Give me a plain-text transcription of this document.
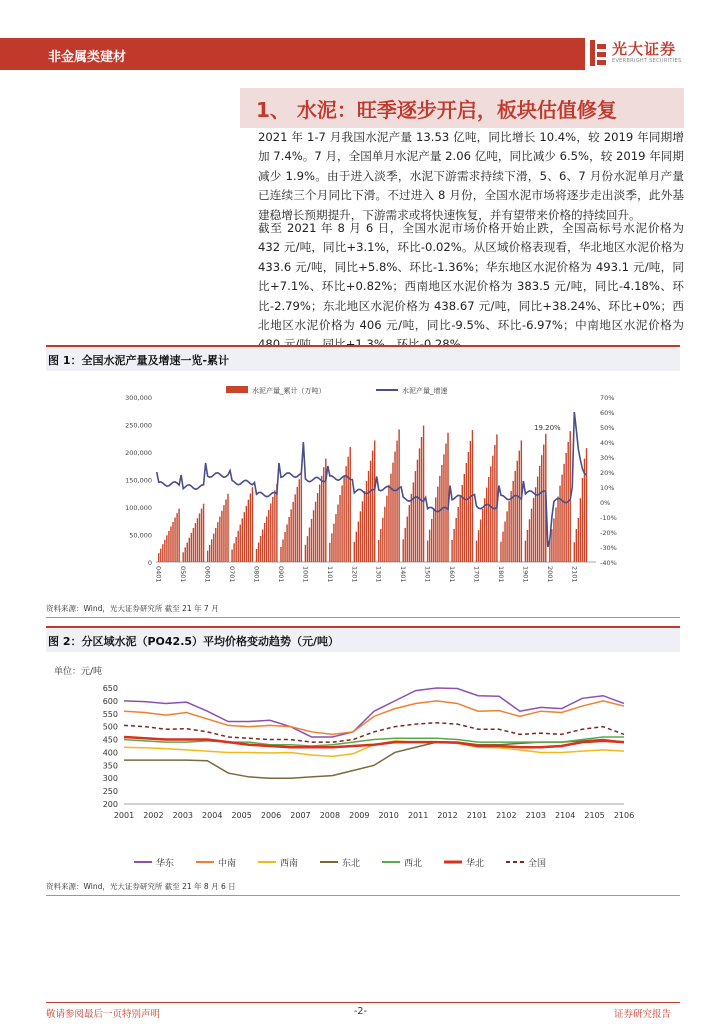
非金属类建材	光大证券
EVERBRIGHT SECURITIES
1、 水泥：旺季逐步开启，板块估值修复
2021 年 1-7 月我国水泥产量 13.53 亿吨，同比增长 10.4%，较 2019 年同期增加 7.4%。7 月，全国单月水泥产量 2.06 亿吨，同比减少 6.5%，较 2019 年同期减少 1.9%。由于进入淡季，水泥下游需求持续下滑，5、6、7 月份水泥单月产量已连续三个月同比下滑。不过进入 8 月份，全国水泥市场将逐步走出淡季，此外基建稳增长预期提升，下游需求或将快速恢复，并有望带来价格的持续回升。
截至 2021 年 8 月 6 日，全国水泥市场价格开始止跌，全国高标号水泥价格为 432 元/吨，同比+3.1%，环比-0.02%。从区域价格表现看，华北地区水泥价格为 433.6 元/吨，同比+5.8%、环比-1.36%；华东地区水泥价格为 493.1 元/吨，同比+7.1%、环比+0.82%；西南地区水泥价格为 383.5 元/吨，同比-4.18%、环比-2.79%；东北地区水泥价格为 438.67 元/吨，同比+38.24%、环比+0%；西北地区水泥价格为 406 元/吨，同比-9.5%、环比-6.97%；中南地区水泥价格为
图 1：全国水泥产量及增速一览-累计
0
50,000
100,000
150,000
200,000
250,000
300,000
-40%
-30%
-20%
-10%
0%
10%
20%
30%
40%
50%
60%
70%
19.20%
0401	0501	0601	0701	0801	0901	1001	1101	1201	1301	1401	1501	1601	1701	1801	1901	2001	2101
水泥产量_累计（万吨）	水泥产量_增速
资料来源：Wind，光大证券研究所 截至 21 年 7 月
图 2：分区域水泥（PO42.5）平均价格变动趋势（元/吨）
单位：元/吨
650
600
550
500
450
400
350
300
250
200
2001 2002 2003 2004 2005 2006 2007 2008 2009 2010 2011 2012 2101 2102 2103 2104 2105 2106
华东	中南	西南	东北	西北	华北	全国
资料来源：Wind，光大证券研究所 截至 21 年 8 月 6 日
敬请参阅最后一页特别声明	-2-	证券研究报告
